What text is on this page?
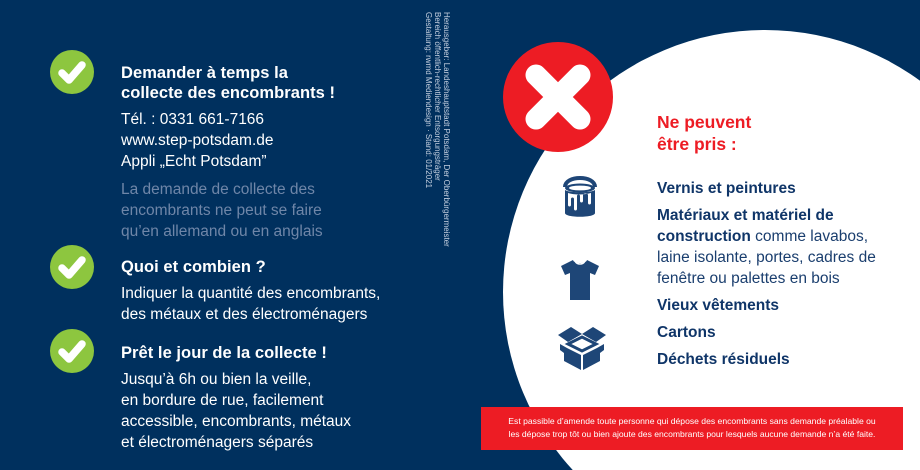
Demander à temps la
collecte des encombrants !

Tél. : 0331 661-7166
www.step-potsdam.de
Appli „Echt Potsdam”

La demande de collecte des
encombrants ne peut se faire
qu’en allemand ou en anglais

Quoi et combien ?

Indiquer la quantité des encombrants,
des métaux et des électroménagers

Prêt le jour de la collecte !

Jusqu’à 6h ou bien la veille,
en bordure de rue, facilement
accessible, encombrants, métaux
et électroménagers séparés

Herausgeber: Landeshauptstadt Potsdam, Der Oberbürgermeister
Bereich öffentlich-rechtlicher Entsorgungsträger
Gestaltung: rwmd Mediendesign · Stand: 01/2021	Ne peuvent
être pris :
Vernis et peintures
Matériaux et matériel de
construction comme lavabos,
laine isolante, portes, cadres de
fenêtre ou palettes en bois
Vieux vêtements
Cartons
Déchets résiduels
Est passible d’amende toute personne qui dépose des encombrants sans demande préalable ou
les dépose trop tôt ou bien ajoute des encombrants pour lesquels aucune demande n’a été faite.
